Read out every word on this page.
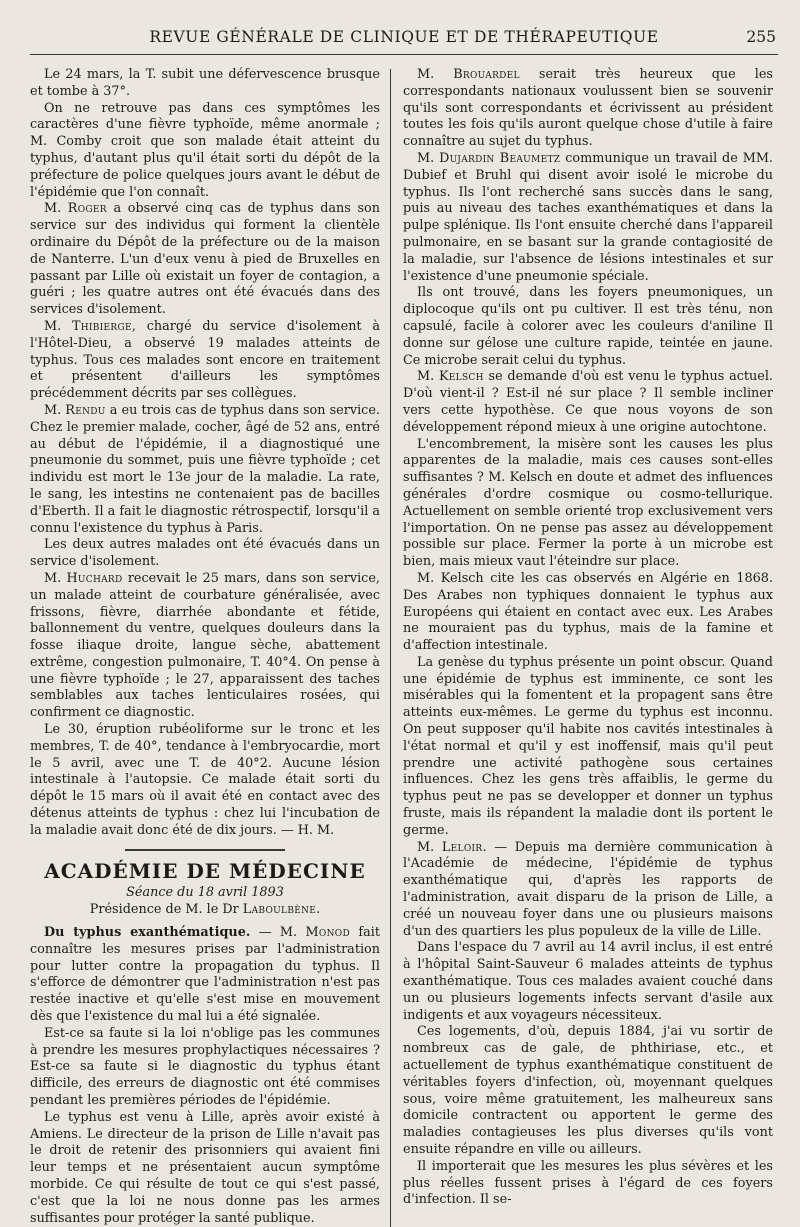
REVUE GÉNÉRALE DE CLINIQUE ET DE THÉRAPEUTIQUE	255

Le 24 mars, la T. subit une défervescence brusque et tombe à 37°.

On ne retrouve pas dans ces symptômes les caractères d'une fièvre typhoïde, même anormale ; M. Comby croit que son malade était atteint du typhus, d'autant plus qu'il était sorti du dépôt de la préfecture de police quelques jours avant le début de l'épidémie que l'on connaît.

M. Roger a observé cinq cas de typhus dans son service sur des individus qui forment la clientèle ordinaire du Dépôt de la préfecture ou de la maison de Nanterre. L'un d'eux venu à pied de Bruxelles en passant par Lille où existait un foyer de contagion, a guéri ; les quatre autres ont été évacués dans des services d'isolement.

M. Thibierge, chargé du service d'isolement à l'Hôtel-Dieu, a observé 19 malades atteints de typhus. Tous ces malades sont encore en traitement et présentent d'ailleurs les symptômes précédemment décrits par ses collègues.

M. Rendu a eu trois cas de typhus dans son service. Chez le premier malade, cocher, âgé de 52 ans, entré au début de l'épidémie, il a diagnostiqué une pneumonie du sommet, puis une fièvre typhoïde ; cet individu est mort le 13e jour de la maladie. La rate, le sang, les intestins ne contenaient pas de bacilles d'Eberth. Il a fait le diagnostic rétrospectif, lorsqu'il a connu l'existence du typhus à Paris.

Les deux autres malades ont été évacués dans un service d'isolement.

M. Huchard recevait le 25 mars, dans son service, un malade atteint de courbature généralisée, avec frissons, fièvre, diarrhée abondante et fétide, ballonnement du ventre, quelques douleurs dans la fosse iliaque droite, langue sèche, abattement extrême, congestion pulmonaire, T. 40°4. On pense à une fièvre typhoïde ; le 27, apparaissent des taches semblables aux taches lenticulaires rosées, qui confirment ce diagnostic.

Le 30, éruption rubéoliforme sur le tronc et les membres, T. de 40°, tendance à l'embryocardie, mort le 5 avril, avec une T. de 40°2. Aucune lésion intestinale à l'autopsie. Ce malade était sorti du dépôt le 15 mars où il avait été en contact avec des détenus atteints de typhus : chez lui l'incubation de la maladie avait donc été de dix jours. — H. M.

ACADÉMIE DE MÉDECINE

Séance du 18 avril 1893

Présidence de M. le Dr Laboulbène.

Du typhus exanthématique. — M. Monod fait connaître les mesures prises par l'administration pour lutter contre la propagation du typhus. Il s'efforce de démontrer que l'administration n'est pas restée inactive et qu'elle s'est mise en mouvement dès que l'existence du mal lui a été signalée.

Est-ce sa faute si la loi n'oblige pas les communes à prendre les mesures prophylactiques nécessaires ? Est-ce sa faute si le diagnostic du typhus étant difficile, des erreurs de diagnostic ont été commises pendant les premières périodes de l'épidémie.

Le typhus est venu à Lille, après avoir existé à Amiens. Le directeur de la prison de Lille n'avait pas le droit de retenir des prisonniers qui avaient fini leur temps et ne présentaient aucun symptôme morbide. Ce qui résulte de tout ce qui s'est passé, c'est que la loi ne nous donne pas les armes suffisantes pour protéger la santé publique.

M. Brouardel serait très heureux que les correspondants nationaux voulussent bien se souvenir qu'ils sont correspondants et écrivissent au président toutes les fois qu'ils auront quelque chose d'utile à faire connaître au sujet du typhus.

M. Dujardin Beaumetz communique un travail de MM. Dubief et Bruhl qui disent avoir isolé le microbe du typhus. Ils l'ont recherché sans succès dans le sang, puis au niveau des taches exanthématiques et dans la pulpe splénique. Ils l'ont ensuite cherché dans l'appareil pulmonaire, en se basant sur la grande contagiosité de la maladie, sur l'absence de lésions intestinales et sur l'existence d'une pneumonie spéciale.

Ils ont trouvé, dans les foyers pneumoniques, un diplocoque qu'ils ont pu cultiver. Il est très ténu, non capsulé, facile à colorer avec les couleurs d'aniline Il donne sur gélose une culture rapide, teintée en jaune. Ce microbe serait celui du typhus.

M. Kelsch se demande d'où est venu le typhus actuel. D'où vient-il ? Est-il né sur place ? Il semble incliner vers cette hypothèse. Ce que nous voyons de son développement répond mieux à une origine autochtone.

L'encombrement, la misère sont les causes les plus apparentes de la maladie, mais ces causes sont-elles suffisantes ? M. Kelsch en doute et admet des influences générales d'ordre cosmique ou cosmo-tellurique. Actuellement on semble orienté trop exclusivement vers l'importation. On ne pense pas assez au développement possible sur place. Fermer la porte à un microbe est bien, mais mieux vaut l'éteindre sur place.

M. Kelsch cite les cas observés en Algérie en 1868. Des Arabes non typhiques donnaient le typhus aux Européens qui étaient en contact avec eux. Les Arabes ne mouraient pas du typhus, mais de la famine et d'affection intestinale.

La genèse du typhus présente un point obscur. Quand une épidémie de typhus est imminente, ce sont les misérables qui la fomentent et la propagent sans être atteints eux-mêmes. Le germe du typhus est inconnu. On peut supposer qu'il habite nos cavités intestinales à l'état normal et qu'il y est inoffensif, mais qu'il peut prendre une activité pathogène sous certaines influences. Chez les gens très affaiblis, le germe du typhus peut ne pas se developper et donner un typhus fruste, mais ils répandent la maladie dont ils portent le germe.

M. Leloir. — Depuis ma dernière communication à l'Académie de médecine, l'épidémie de typhus exanthématique qui, d'après les rapports de l'administration, avait disparu de la prison de Lille, a créé un nouveau foyer dans une ou plusieurs maisons d'un des quartiers les plus populeux de la ville de Lille.

Dans l'espace du 7 avril au 14 avril inclus, il est entré à l'hôpital Saint-Sauveur 6 malades atteints de typhus exanthématique. Tous ces malades avaient couché dans un ou plusieurs logements infects servant d'asile aux indigents et aux voyageurs nécessiteux.

Ces logements, d'où, depuis 1884, j'ai vu sortir de nombreux cas de gale, de phthiriase, etc., et actuellement de typhus exanthématique constituent de véritables foyers d'infection, où, moyennant quelques sous, voire même gratuitement, les malheureux sans domicile contractent ou apportent le germe des maladies contagieuses les plus diverses qu'ils vont ensuite répandre en ville ou ailleurs.

Il importerait que les mesures les plus sévères et les plus réelles fussent prises à l'égard de ces foyers d'infection. Il se-
